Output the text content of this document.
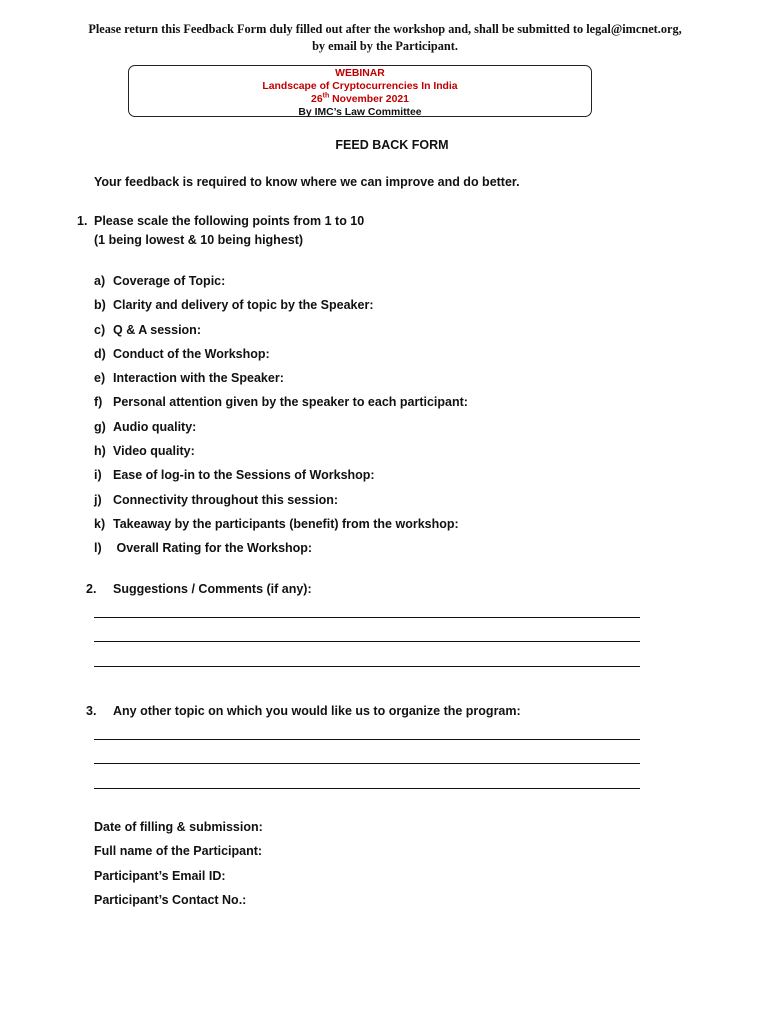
Please return this Feedback Form duly filled out after the workshop and, shall be submitted to legal@imcnet.org,
by email by the Participant.
WEBINAR
Landscape of Cryptocurrencies In India
26th November 2021
By IMC’s Law Committee
FEED BACK FORM
Your feedback is required to know where we can improve and do better.
1. Please scale the following points from 1 to 10
(1 being lowest & 10 being highest)
a) Coverage of Topic:
b) Clarity and delivery of topic by the Speaker:
c) Q & A session:
d) Conduct of the Workshop:
e) Interaction with the Speaker:
f) Personal attention given by the speaker to each participant:
g) Audio quality:
h) Video quality:
i) Ease of log-in to the Sessions of Workshop:
j) Connectivity throughout this session:
k) Takeaway by the participants (benefit) from the workshop:
l) Overall Rating for the Workshop:
2. Suggestions / Comments (if any):
3. Any other topic on which you would like us to organize the program:
Date of filling & submission:
Full name of the Participant:
Participant’s Email ID:
Participant’s Contact No.:
